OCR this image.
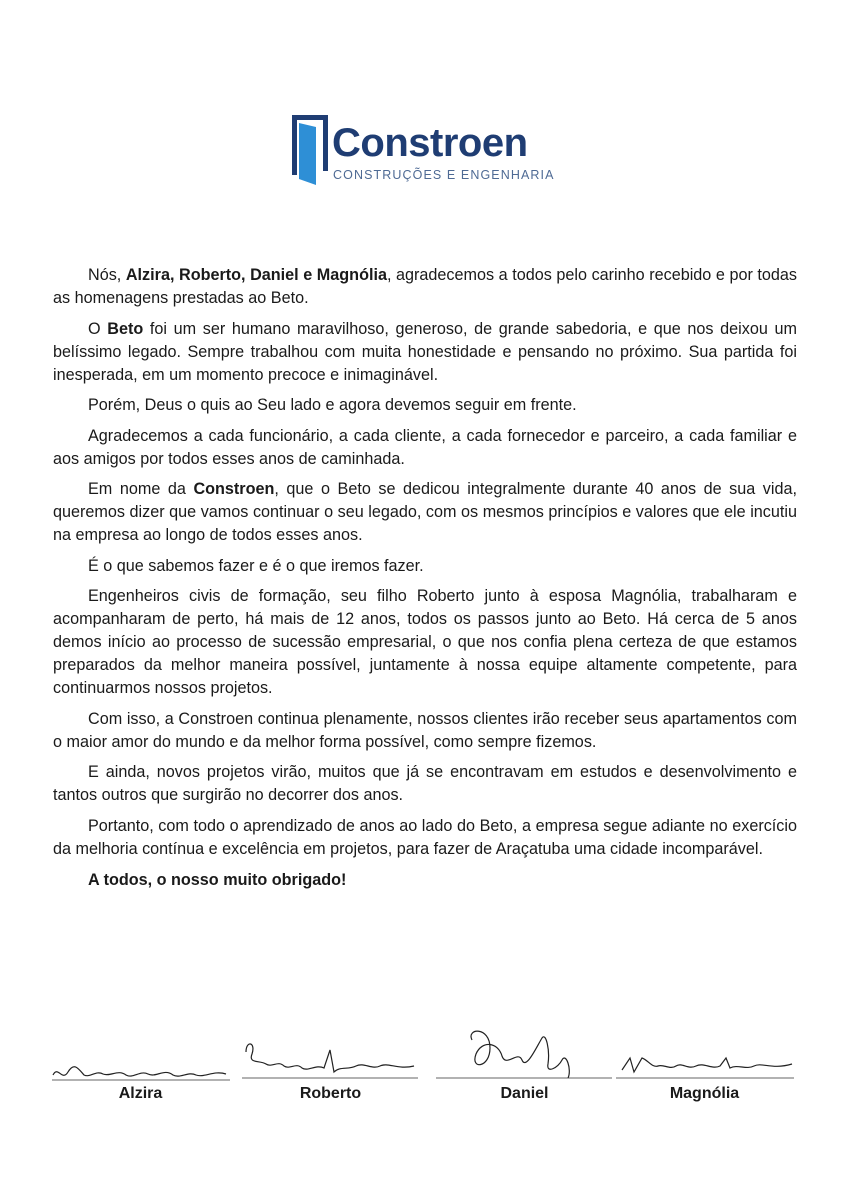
Constroen
CONSTRUÇÕES E ENGENHARIA

Nós, Alzira, Roberto, Daniel e Magnólia, agradecemos a todos pelo carinho recebido e por todas as homenagens prestadas ao Beto.

O Beto foi um ser humano maravilhoso, generoso, de grande sabedoria, e que nos deixou um belíssimo legado. Sempre trabalhou com muita honestidade e pensando no próximo. Sua partida foi inesperada, em um momento precoce e inimaginável.

Porém, Deus o quis ao Seu lado e agora devemos seguir em frente.

Agradecemos a cada funcionário, a cada cliente, a cada fornecedor e parceiro, a cada familiar e aos amigos por todos esses anos de caminhada.

Em nome da Constroen, que o Beto se dedicou integralmente durante 40 anos de sua vida, queremos dizer que vamos continuar o seu legado, com os mesmos princípios e valores que ele incutiu na empresa ao longo de todos esses anos.

É o que sabemos fazer e é o que iremos fazer.

Engenheiros civis de formação, seu filho Roberto junto à esposa Magnólia, trabalharam e acompanharam de perto, há mais de 12 anos, todos os passos junto ao Beto. Há cerca de 5 anos demos início ao processo de sucessão empresarial, o que nos confia plena certeza de que estamos preparados da melhor maneira possível, juntamente à nossa equipe altamente competente, para continuarmos nossos projetos.

Com isso, a Constroen continua plenamente, nossos clientes irão receber seus apartamentos com o maior amor do mundo e da melhor forma possível, como sempre fizemos.

E ainda, novos projetos virão, muitos que já se encontravam em estudos e desenvolvimento e tantos outros que surgirão no decorrer dos anos.

Portanto, com todo o aprendizado de anos ao lado do Beto, a empresa segue adiante no exercício da melhoria contínua e excelência em projetos, para fazer de Araçatuba uma cidade incomparável.

A todos, o nosso muito obrigado!

Alzira	Roberto	Daniel	Magnólia
